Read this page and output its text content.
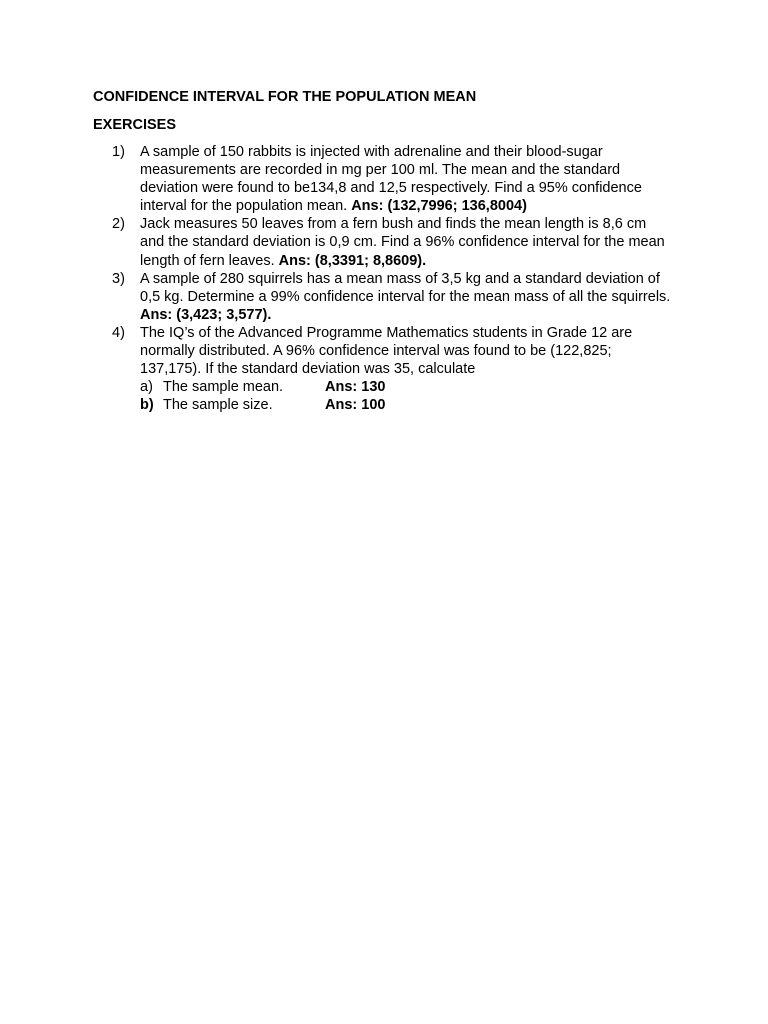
CONFIDENCE INTERVAL FOR THE POPULATION MEAN
EXERCISES
1)	A sample of 150 rabbits is injected with adrenaline and their blood-sugar measurements are recorded in mg per 100 ml. The mean and the standard deviation were found to be134,8 and 12,5 respectively. Find a 95% confidence interval for the population mean. Ans: (132,7996; 136,8004)
2)	Jack measures 50 leaves from a fern bush and finds the mean length is 8,6 cm and the standard deviation is 0,9 cm. Find a 96% confidence interval for the mean length of fern leaves. Ans: (8,3391; 8,8609).
3)	A sample of 280 squirrels has a mean mass of 3,5 kg and a standard deviation of 0,5 kg. Determine a 99% confidence interval for the mean mass of all the squirrels. Ans: (3,423; 3,577).
4)	The IQ’s of the Advanced Programme Mathematics students in Grade 12 are normally distributed. A 96% confidence interval was found to be (122,825; 137,175). If the standard deviation was 35, calculate
a) The sample mean.	Ans: 130
b) The sample size.	Ans: 100
